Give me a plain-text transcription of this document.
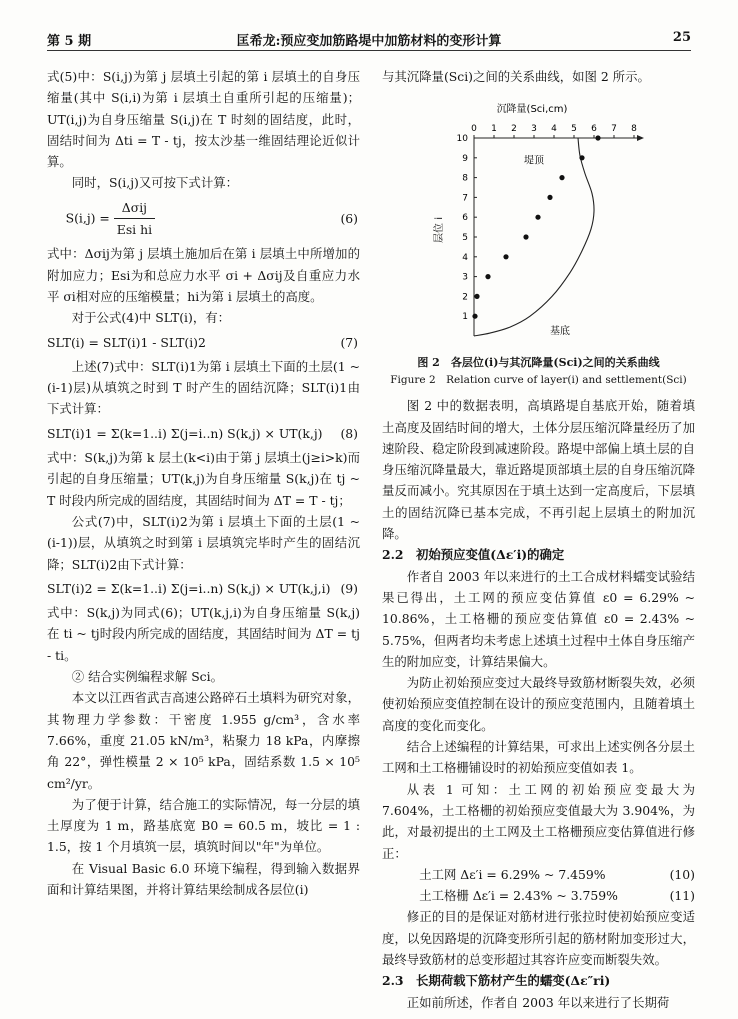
第 5 期	匡希龙:预应变加筋路堤中加筋材料的变形计算	25

式(5)中：S(i,j)为第 j 层填土引起的第 i 层填土的自身压缩量(其中 S(i,i)为第 i 层填土自重所引起的压缩量)；UT(i,j)为自身压缩量 S(i,j)在 T 时刻的固结度，此时，固结时间为 Δti = T - tj，按太沙基一维固结理论近似计算。

同时，S(i,j)又可按下式计算：

$S(i,j) = \frac{\text{Δσij}}{\text{Esi hi}}$	(6)

式中：Δσij为第 j 层填土施加后在第 i 层填土中所增加的附加应力；Esi为和总应力水平 σi + Δσij及自重应力水平 σi相对应的压缩模量；hi为第 i 层填土的高度。

对于公式(4)中 SLT(i)，有：

SLT(i) = SLT(i)1 - SLT(i)2	(7)

上述(7)式中：SLT(i)1为第 i 层填土下面的土层(1 ~ (i-1)层)从填筑之时到 T 时产生的固结沉降；SLT(i)1由下式计算：

SLT(i)1 = Σ(k=1..i) Σ(j=i..n) S(k,j) × UT(k,j) (8)

式中：S(k,j)为第 k 层土(k<i)由于第 j 层填土(j≥i>k)而引起的自身压缩量；UT(k,j)为自身压缩量 S(k,j)在 tj ~ T 时段内所完成的固结度，其固结时间为 ΔT = T - tj；

公式(7)中，SLT(i)2为第 i 层填土下面的土层(1 ~ (i-1))层，从填筑之时到第 i 层填筑完毕时产生的固结沉降；SLT(i)2由下式计算：

SLT(i)2 = Σ(k=1..i) Σ(j=i..n) S(k,j) × UT(k,j,i) (9)

式中：S(k,j)为同式(6)；UT(k,j,i)为自身压缩量 S(k,j)在 ti ~ tj时段内所完成的固结度，其固结时间为 ΔT = tj - ti。

② 结合实例编程求解 Sci。

本文以江西省武吉高速公路碎石土填料为研究对象，其物理力学参数：干密度 1.955 g/cm³，含水率 7.66%，重度 21.05 kN/m³，粘聚力 18 kPa，内摩擦角 22°，弹性模量 2 × 10⁵ kPa，固结系数 1.5 × 10⁵ cm²/yr。

为了便于计算，结合施工的实际情况，每一分层的填土厚度为 1 m，路基底宽 B0 = 60.5 m，坡比 = 1 : 1.5，按 1 个月填筑一层，填筑时间以"年"为单位。

在 Visual Basic 6.0 环境下编程，得到输入数据界面和计算结果图，并将计算结果绘制成各层位(i)

与其沉降量(Sci)之间的关系曲线，如图 2 所示。

0 1 2 3 4 5 6 7 8
1
2
3
4
5
6
7
8
9
10
沉降量(Sci,cm)
层位 i
堤顶
基底
图 2　各层位(i)与其沉降量(Sci)之间的关系曲线
Figure 2　Relation curve of layer(i) and settlement(Sci)

图 2 中的数据表明，高填路堤自基底开始，随着填土高度及固结时间的增大，土体分层压缩沉降量经历了加速阶段、稳定阶段到减速阶段。路堤中部偏上填土层的自身压缩沉降量最大，靠近路堤顶部填土层的自身压缩沉降量反而减小。究其原因在于填土达到一定高度后，下层填土的固结沉降已基本完成，不再引起上层填土的附加沉降。

2.2　初始预应变值(Δε′i)的确定

作者自 2003 年以来进行的土工合成材料蠕变试验结果已得出，土工网的预应变估算值 ε0 = 6.29% ~ 10.86%，土工格栅的预应变估算值 ε0 = 2.43% ~ 5.75%，但两者均未考虑上述填土过程中土体自身压缩产生的附加应变，计算结果偏大。

为防止初始预应变过大最终导致筋材断裂失效，必须使初始预应变值控制在设计的预应变范围内，且随着填土高度的变化而变化。

结合上述编程的计算结果，可求出上述实例各分层土工网和土工格栅铺设时的初始预应变值如表 1。

从表 1 可知：土工网的初始预应变最大为 7.604%，土工格栅的初始预应变值最大为 3.904%，为此，对最初提出的土工网及土工格栅预应变估算值进行修正：

土工网 Δε′i = 6.29% ~ 7.459%	(10)
土工格栅 Δε′i = 2.43% ~ 3.759%	(11)

修正的目的是保证对筋材进行张拉时使初始预应变适度，以免因路堤的沉降变形所引起的筋材附加变形过大，最终导致筋材的总变形超过其容许应变而断裂失效。

2.3　长期荷载下筋材产生的蠕变(Δε″ri)

正如前所述，作者自 2003 年以来进行了长期荷
